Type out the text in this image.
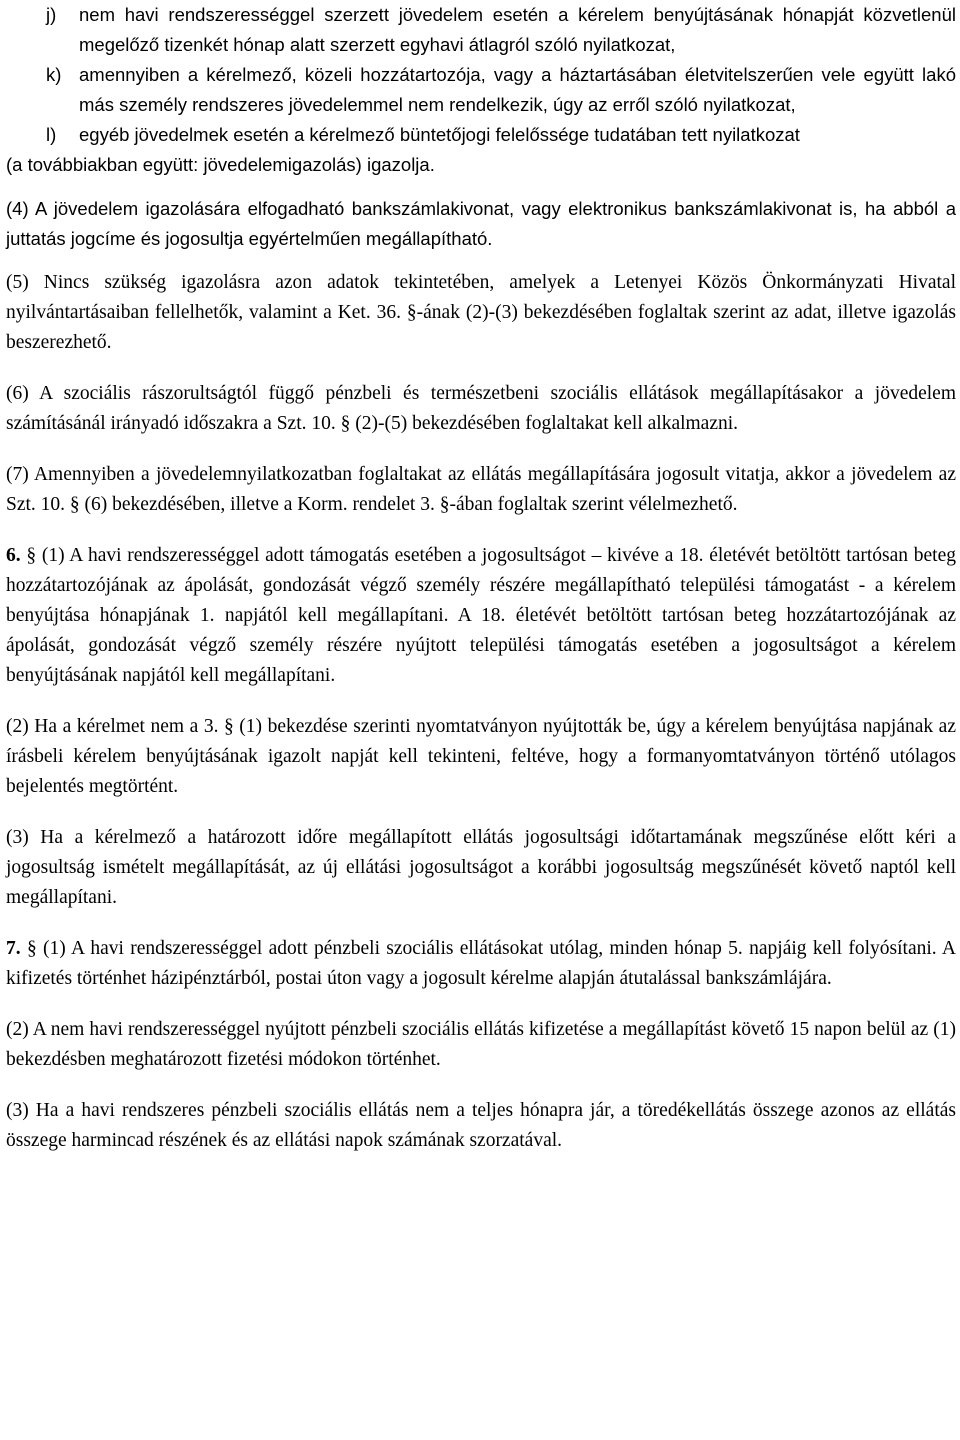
j) nem havi rendszerességgel szerzett jövedelem esetén a kérelem benyújtásának hónapját közvetlenül megelőző tizenkét hónap alatt szerzett egyhavi átlagról szóló nyilatkozat,
k) amennyiben a kérelmező, közeli hozzátartozója, vagy a háztartásában életvitelszerűen vele együtt lakó más személy rendszeres jövedelemmel nem rendelkezik, úgy az erről szóló nyilatkozat,
l) egyéb jövedelmek esetén a kérelmező büntetőjogi felelőssége tudatában tett nyilatkozat

(a továbbiakban együtt: jövedelemigazolás) igazolja.

(4) A jövedelem igazolására elfogadható bankszámlakivonat, vagy elektronikus bankszámlakivonat is, ha abból a juttatás jogcíme és jogosultja egyértelműen megállapítható.

(5) Nincs szükség igazolásra azon adatok tekintetében, amelyek a Letenyei Közös Önkormányzati Hivatal nyilvántartásaiban fellelhetők, valamint a Ket. 36. §-ának (2)-(3) bekezdésében foglaltak szerint az adat, illetve igazolás beszerezhető.

(6) A szociális rászorultságtól függő pénzbeli és természetbeni szociális ellátások megállapításakor a jövedelem számításánál irányadó időszakra a Szt. 10. § (2)-(5) bekezdésében foglaltakat kell alkalmazni.

(7) Amennyiben a jövedelemnyilatkozatban foglaltakat az ellátás megállapítására jogosult vitatja, akkor a jövedelem az Szt. 10. § (6) bekezdésében, illetve a Korm. rendelet 3. §-ában foglaltak szerint vélelmezhető.

6. § (1) A havi rendszerességgel adott támogatás esetében a jogosultságot – kivéve a 18. életévét betöltött tartósan beteg hozzátartozójának az ápolását, gondozását végző személy részére megállapítható települési támogatást - a kérelem benyújtása hónapjának 1. napjától kell megállapítani. A 18. életévét betöltött tartósan beteg hozzátartozójának az ápolását, gondozását végző személy részére nyújtott települési támogatás esetében a jogosultságot a kérelem benyújtásának napjától kell megállapítani.

(2) Ha a kérelmet nem a 3. § (1) bekezdése szerinti nyomtatványon nyújtották be, úgy a kérelem benyújtása napjának az írásbeli kérelem benyújtásának igazolt napját kell tekinteni, feltéve, hogy a formanyomtatványon történő utólagos bejelentés megtörtént.

(3) Ha a kérelmező a határozott időre megállapított ellátás jogosultsági időtartamának megszűnése előtt kéri a jogosultság ismételt megállapítását, az új ellátási jogosultságot a korábbi jogosultság megszűnését követő naptól kell megállapítani.

7. § (1) A havi rendszerességgel adott pénzbeli szociális ellátásokat utólag, minden hónap 5. napjáig kell folyósítani. A kifizetés történhet házipénztárból, postai úton vagy a jogosult kérelme alapján átutalással bankszámlájára.

(2) A nem havi rendszerességgel nyújtott pénzbeli szociális ellátás kifizetése a megállapítást követő 15 napon belül az (1) bekezdésben meghatározott fizetési módokon történhet.

(3) Ha a havi rendszeres pénzbeli szociális ellátás nem a teljes hónapra jár, a töredékellátás összege azonos az ellátás összege harmincad részének és az ellátási napok számának szorzatával.
